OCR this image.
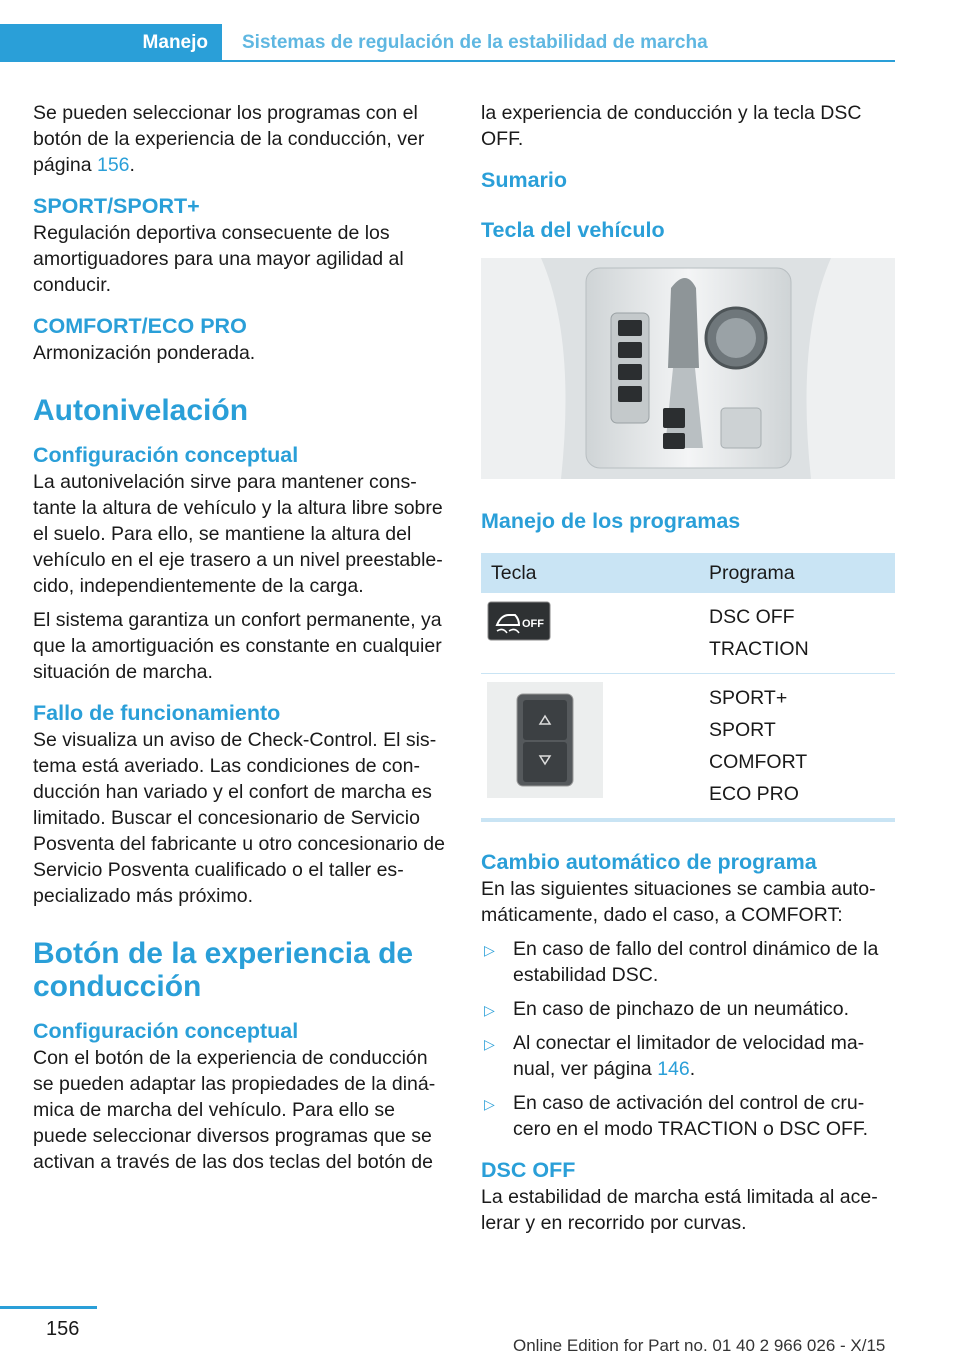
Manejo	Sistemas de regulación de la estabilidad de marcha

Se pueden seleccionar los programas con el botón de la experiencia de la conducción, ver página 156.

SPORT/SPORT+

Regulación deportiva consecuente de los amortiguadores para una mayor agilidad al conducir.

COMFORT/ECO PRO

Armonización ponderada.

Autonivelación
Configuración conceptual

La autonivelación sirve para mantener constante la altura de vehículo y la altura libre sobre el suelo. Para ello, se mantiene la altura del vehículo en el eje trasero a un nivel preestablecido, independientemente de la carga.

El sistema garantiza un confort permanente, ya que la amortiguación es constante en cualquier situación de marcha.

Fallo de funcionamiento

Se visualiza un aviso de Check-Control. El sistema está averiado. Las condiciones de conducción han variado y el confort de marcha es limitado. Buscar el concesionario de Servicio Posventa del fabricante u otro concesionario de Servicio Posventa cualificado o el taller especializado más próximo.

Botón de la experiencia de conducción
Configuración conceptual

Con el botón de la experiencia de conducción se pueden adaptar las propiedades de la dinámica de marcha del vehículo. Para ello se puede seleccionar diversos programas que se activan a través de las dos teclas del botón de

la experiencia de conducción y la tecla DSC OFF.

Sumario
Tecla del vehículo
Manejo de los programas
Tecla	Programa

OFF	DSC OFF
TRACTION

SPORT+
SPORT
COMFORT
ECO PRO
Cambio automático de programa

En las siguientes situaciones se cambia automáticamente, dado el caso, a COMFORT:

▷ En caso de fallo del control dinámico de la estabilidad DSC.
▷ En caso de pinchazo de un neumático.
▷ Al conectar el limitador de velocidad manual, ver página 146.
▷ En caso de activación del control de crucero en el modo TRACTION o DSC OFF.
DSC OFF

La estabilidad de marcha está limitada al acelerar y en recorrido por curvas.

156
Online Edition for Part no. 01 40 2 966 026 - X/15
